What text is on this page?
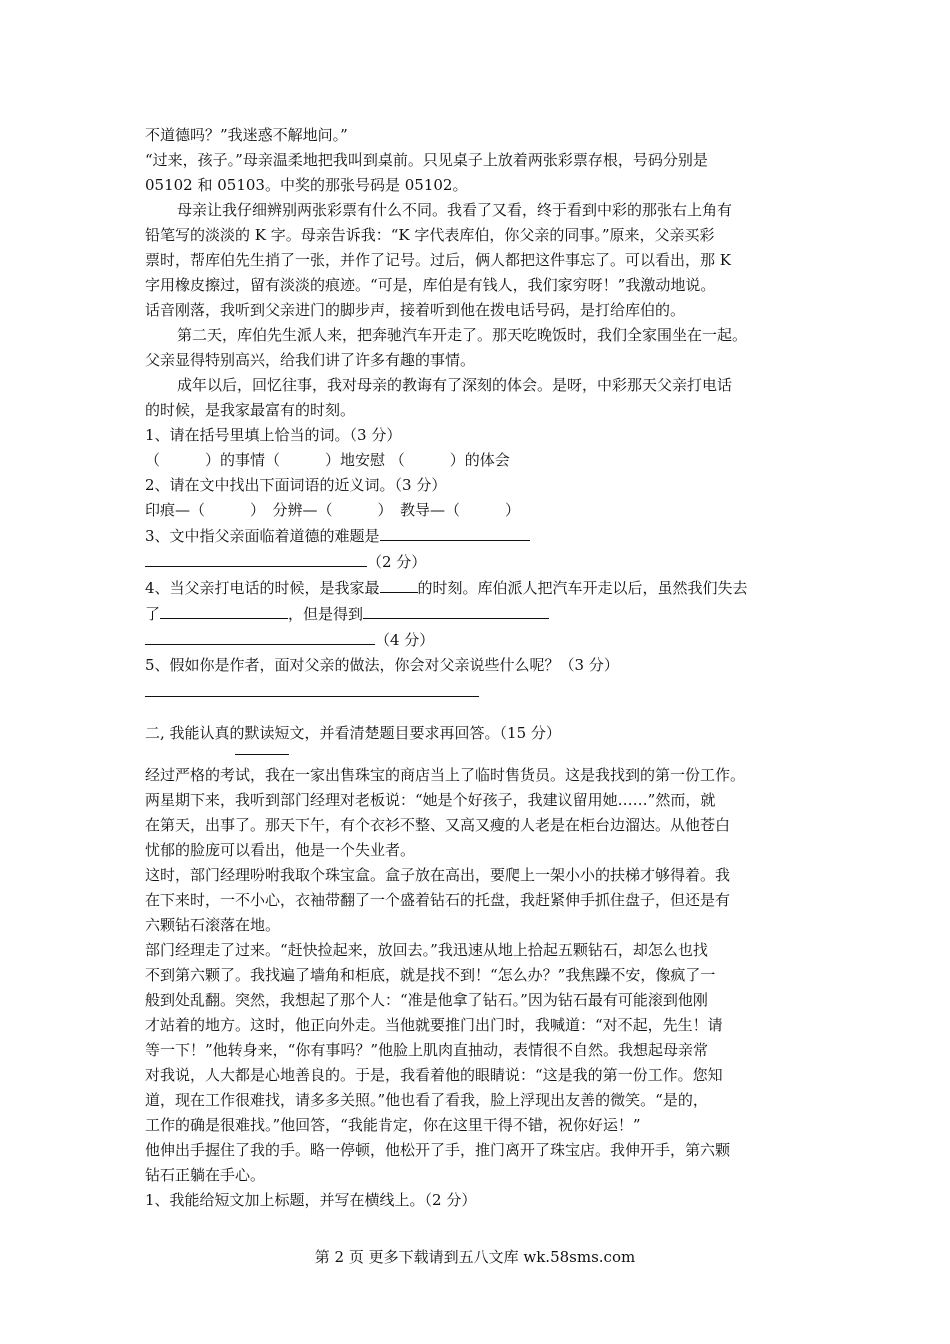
不道德吗？”我迷惑不解地问。”
“过来，孩子。”母亲温柔地把我叫到桌前。只见桌子上放着两张彩票存根，号码分别是
05102 和 05103。中奖的那张号码是 05102。
母亲让我仔细辨别两张彩票有什么不同。我看了又看，终于看到中彩的那张右上角有
铅笔写的淡淡的 K 字。母亲告诉我：“K 字代表库伯，你父亲的同事。”原来，父亲买彩
票时，帮库伯先生捎了一张，并作了记号。过后，俩人都把这件事忘了。可以看出，那 K
字用橡皮擦过，留有淡淡的痕迹。“可是，库伯是有钱人，我们家穷呀！”我激动地说。
话音刚落，我听到父亲进门的脚步声，接着听到他在拨电话号码，是打给库伯的。
第二天，库伯先生派人来，把奔驰汽车开走了。那天吃晚饭时，我们全家围坐在一起。
父亲显得特别高兴，给我们讲了许多有趣的事情。
成年以后，回忆往事，我对母亲的教诲有了深刻的体会。是呀，中彩那天父亲打电话
的时候，是我家最富有的时刻。
1、请在括号里填上恰当的词。（3 分）
（　　　）的事情（　　　）地安慰 （　　　）的体会
2、请在文中找出下面词语的近义词。（3 分）
印痕—（　　　）　分辨—（　　　）　教导—（　　　）
3、文中指父亲面临着道德的难题是
（2 分）
4、当父亲打电话的时候，是我家最	的时刻。库伯派人把汽车开走以后，虽然我们失去
了	，但是得到
（4 分）
5、假如你是作者，面对父亲的做法，你会对父亲说些什么呢？（3 分）
二, 我能认真的默读短文，并看清楚题目要求再回答。（15 分）
经过严格的考试，我在一家出售珠宝的商店当上了临时售货员。这是我找到的第一份工作。
两星期下来，我听到部门经理对老板说：“她是个好孩子，我建议留用她……”然而，就
在第天，出事了。那天下午，有个衣衫不整、又高又瘦的人老是在柜台边溜达。从他苍白
忧郁的脸庞可以看出，他是一个失业者。
这时，部门经理吩咐我取个珠宝盒。盒子放在高出，要爬上一架小小的扶梯才够得着。我
在下来时，一不小心，衣袖带翻了一个盛着钻石的托盘，我赶紧伸手抓住盘子，但还是有
六颗钻石滚落在地。
部门经理走了过来。“赶快捡起来，放回去。”我迅速从地上拾起五颗钻石，却怎么也找
不到第六颗了。我找遍了墙角和柜底，就是找不到！“怎么办？”我焦躁不安，像疯了一
般到处乱翻。突然，我想起了那个人：“准是他拿了钻石。”因为钻石最有可能滚到他刚
才站着的地方。这时，他正向外走。当他就要推门出门时，我喊道：“对不起，先生！请
等一下！”他转身来，“你有事吗？”他脸上肌肉直抽动，表情很不自然。我想起母亲常
对我说，人大都是心地善良的。于是，我看着他的眼睛说：“这是我的第一份工作。您知
道，现在工作很难找，请多多关照。”他也看了看我，脸上浮现出友善的微笑。“是的，
工作的确是很难找。”他回答，“我能肯定，你在这里干得不错，祝你好运！”
他伸出手握住了我的手。略一停顿，他松开了手，推门离开了珠宝店。我伸开手，第六颗
钻石正躺在手心。
1、我能给短文加上标题，并写在横线上。（2 分）
第 2 页 更多下载请到五八文库 wk.58sms.com
